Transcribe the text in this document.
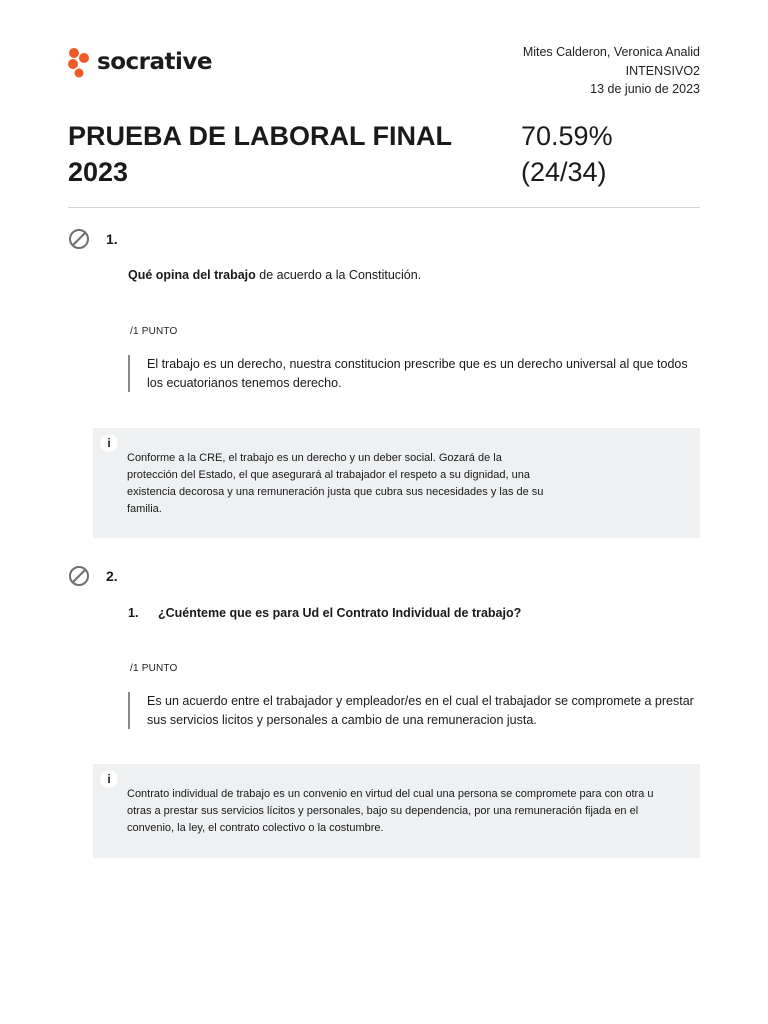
socrative	Mites Calderon, Veronica Analid
INTENSIVO2
13 de junio de 2023
PRUEBA DE LABORAL FINAL 2023
70.59%
(24/34)
1.
Qué opina del trabajo de acuerdo a la Constitución.
/1 PUNTO
El trabajo es un derecho, nuestra constitucion prescribe que es un derecho universal al que todos los ecuatorianos tenemos derecho.
i
Conforme a la CRE, el trabajo es un derecho y un deber social. Gozará de la protección del Estado, el que asegurará al trabajador el respeto a su dignidad, una existencia decorosa y una remuneración justa que cubra sus necesidades y las de su familia.
2.
1. ¿Cuénteme que es para Ud el Contrato Individual de trabajo?
/1 PUNTO
Es un acuerdo entre el trabajador y empleador/es en el cual el trabajador se compromete a prestar sus servicios licitos y personales a cambio de una remuneracion justa.
i
Contrato individual de trabajo es un convenio en virtud del cual una persona se compromete para con otra u otras a prestar sus servicios lícitos y personales, bajo su dependencia, por una remuneración fijada en el convenio, la ley, el contrato colectivo o la costumbre.
